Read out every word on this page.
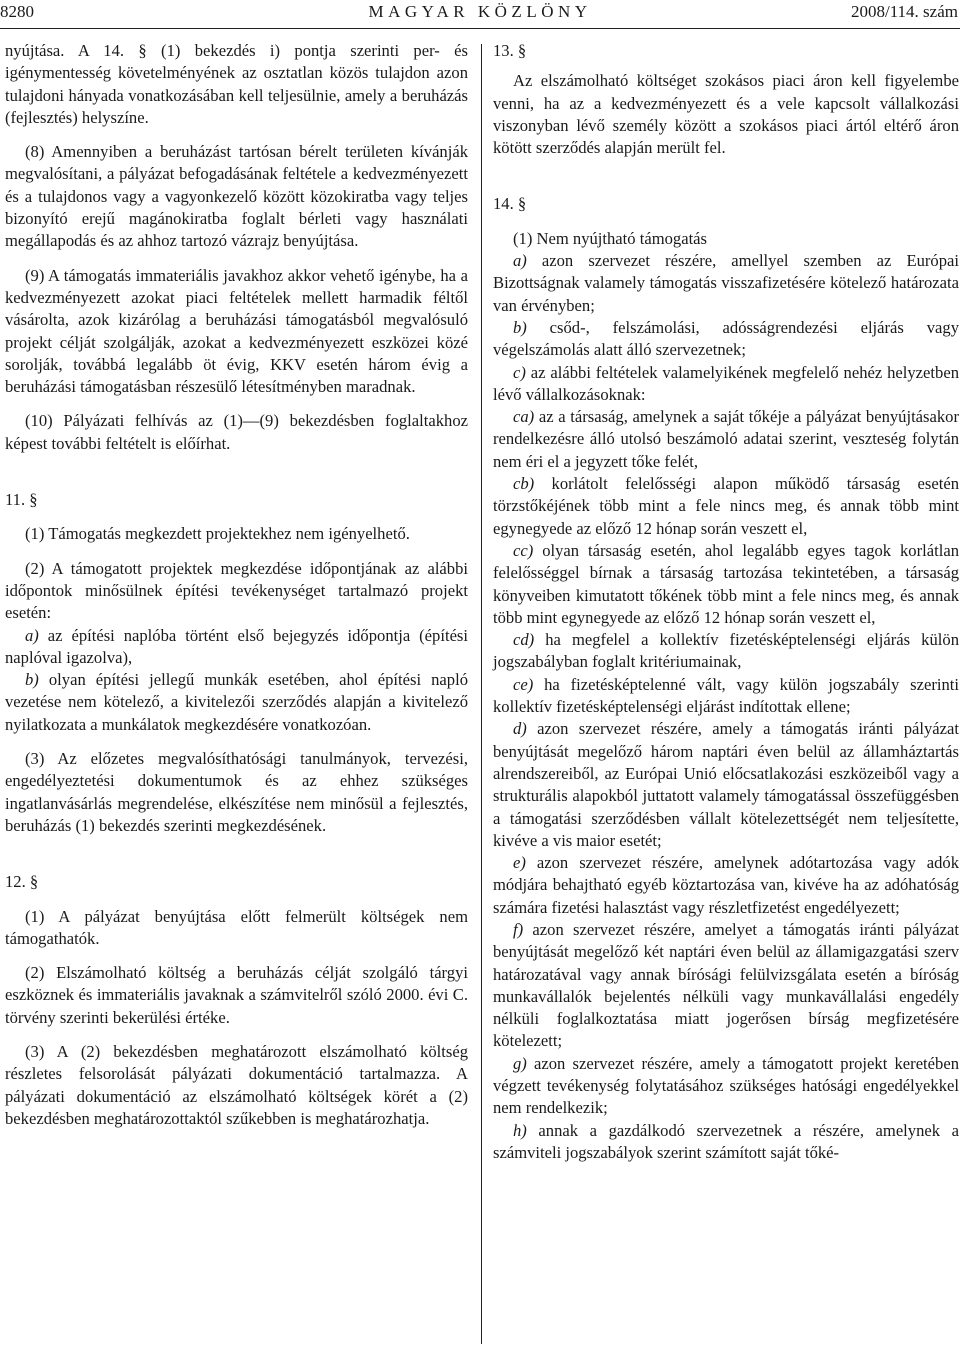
8280	MAGYAR KÖZLÖNY	2008/114. szám

nyújtása. A 14. § (1) bekezdés i) pontja szerinti per- és igénymentesség követelményének az osztatlan közös tulajdon azon tulajdoni hányada vonatkozásában kell teljesülnie, amely a beruházás (fejlesztés) helyszíne.

(8) Amennyiben a beruházást tartósan bérelt területen kívánják megvalósítani, a pályázat befogadásának feltétele a kedvezményezett és a tulajdonos vagy a vagyonkezelő között közokiratba vagy teljes bizonyító erejű magánokiratba foglalt bérleti vagy használati megállapodás és az ahhoz tartozó vázrajz benyújtása.

(9) A támogatás immateriális javakhoz akkor vehető igénybe, ha a kedvezményezett azokat piaci feltételek mellett harmadik féltől vásárolta, azok kizárólag a beruházási támogatásból megvalósuló projekt célját szolgálják, azokat a kedvezményezett eszközei közé sorolják, továbbá legalább öt évig, KKV esetén három évig a beruházási támogatásban részesülő létesítményben maradnak.

(10) Pályázati felhívás az (1)—(9) bekezdésben foglaltakhoz képest további feltételt is előírhat.

11. §

(1) Támogatás megkezdett projektekhez nem igényelhető.

(2) A támogatott projektek megkezdése időpontjának az alábbi időpontok minősülnek építési tevékenységet tartalmazó projekt esetén:

a) az építési naplóba történt első bejegyzés időpontja (építési naplóval igazolva),

b) olyan építési jellegű munkák esetében, ahol építési napló vezetése nem kötelező, a kivitelezői szerződés alapján a kivitelező nyilatkozata a munkálatok megkezdésére vonatkozóan.

(3) Az előzetes megvalósíthatósági tanulmányok, tervezési, engedélyeztetési dokumentumok és az ehhez szükséges ingatlanvásárlás megrendelése, elkészítése nem minősül a fejlesztés, beruházás (1) bekezdés szerinti megkezdésének.

12. §

(1) A pályázat benyújtása előtt felmerült költségek nem támogathatók.

(2) Elszámolható költség a beruházás célját szolgáló tárgyi eszköznek és immateriális javaknak a számvitelről szóló 2000. évi C. törvény szerinti bekerülési értéke.

(3) A (2) bekezdésben meghatározott elszámolható költség részletes felsorolását pályázati dokumentáció tartalmazza. A pályázati dokumentáció az elszámolható költségek körét a (2) bekezdésben meghatározottaktól szűkebben is meghatározhatja.

13. §

Az elszámolható költséget szokásos piaci áron kell figyelembe venni, ha az a kedvezményezett és a vele kapcsolt vállalkozási viszonyban lévő személy között a szokásos piaci ártól eltérő áron kötött szerződés alapján merült fel.

14. §

(1) Nem nyújtható támogatás

a) azon szervezet részére, amellyel szemben az Európai Bizottságnak valamely támogatás visszafizetésére kötelező határozata van érvényben;

b) csőd-, felszámolási, adósságrendezési eljárás vagy végelszámolás alatt álló szervezetnek;

c) az alábbi feltételek valamelyikének megfelelő nehéz helyzetben lévő vállalkozásoknak:

ca) az a társaság, amelynek a saját tőkéje a pályázat benyújtásakor rendelkezésre álló utolsó beszámoló adatai szerint, veszteség folytán nem éri el a jegyzett tőke felét,

cb) korlátolt felelősségi alapon működő társaság esetén törzstőkéjének több mint a fele nincs meg, és annak több mint egynegyede az előző 12 hónap során veszett el,

cc) olyan társaság esetén, ahol legalább egyes tagok korlátlan felelősséggel bírnak a társaság tartozása tekintetében, a társaság könyveiben kimutatott tőkének több mint a fele nincs meg, és annak több mint egynegyede az előző 12 hónap során veszett el,

cd) ha megfelel a kollektív fizetésképtelenségi eljárás külön jogszabályban foglalt kritériumainak,

ce) ha fizetésképtelenné vált, vagy külön jogszabály szerinti kollektív fizetésképtelenségi eljárást indítottak ellene;

d) azon szervezet részére, amely a támogatás iránti pályázat benyújtását megelőző három naptári éven belül az államháztartás alrendszereiből, az Európai Unió előcsatlakozási eszközeiből vagy a strukturális alapokból juttatott valamely támogatással összefüggésben a támogatási szerződésben vállalt kötelezettségét nem teljesítette, kivéve a vis maior esetét;

e) azon szervezet részére, amelynek adótartozása vagy adók módjára behajtható egyéb köztartozása van, kivéve ha az adóhatóság számára fizetési halasztást vagy részletfizetést engedélyezett;

f) azon szervezet részére, amelyet a támogatás iránti pályázat benyújtását megelőző két naptári éven belül az államigazgatási szerv határozatával vagy annak bírósági felülvizsgálata esetén a bíróság munkavállalók bejelentés nélküli vagy munkavállalási engedély nélküli foglalkoztatása miatt jogerősen bírság megfizetésére kötelezett;

g) azon szervezet részére, amely a támogatott projekt keretében végzett tevékenység folytatásához szükséges hatósági engedélyekkel nem rendelkezik;

h) annak a gazdálkodó szervezetnek a részére, amelynek a számviteli jogszabályok szerint számított saját tőké-
